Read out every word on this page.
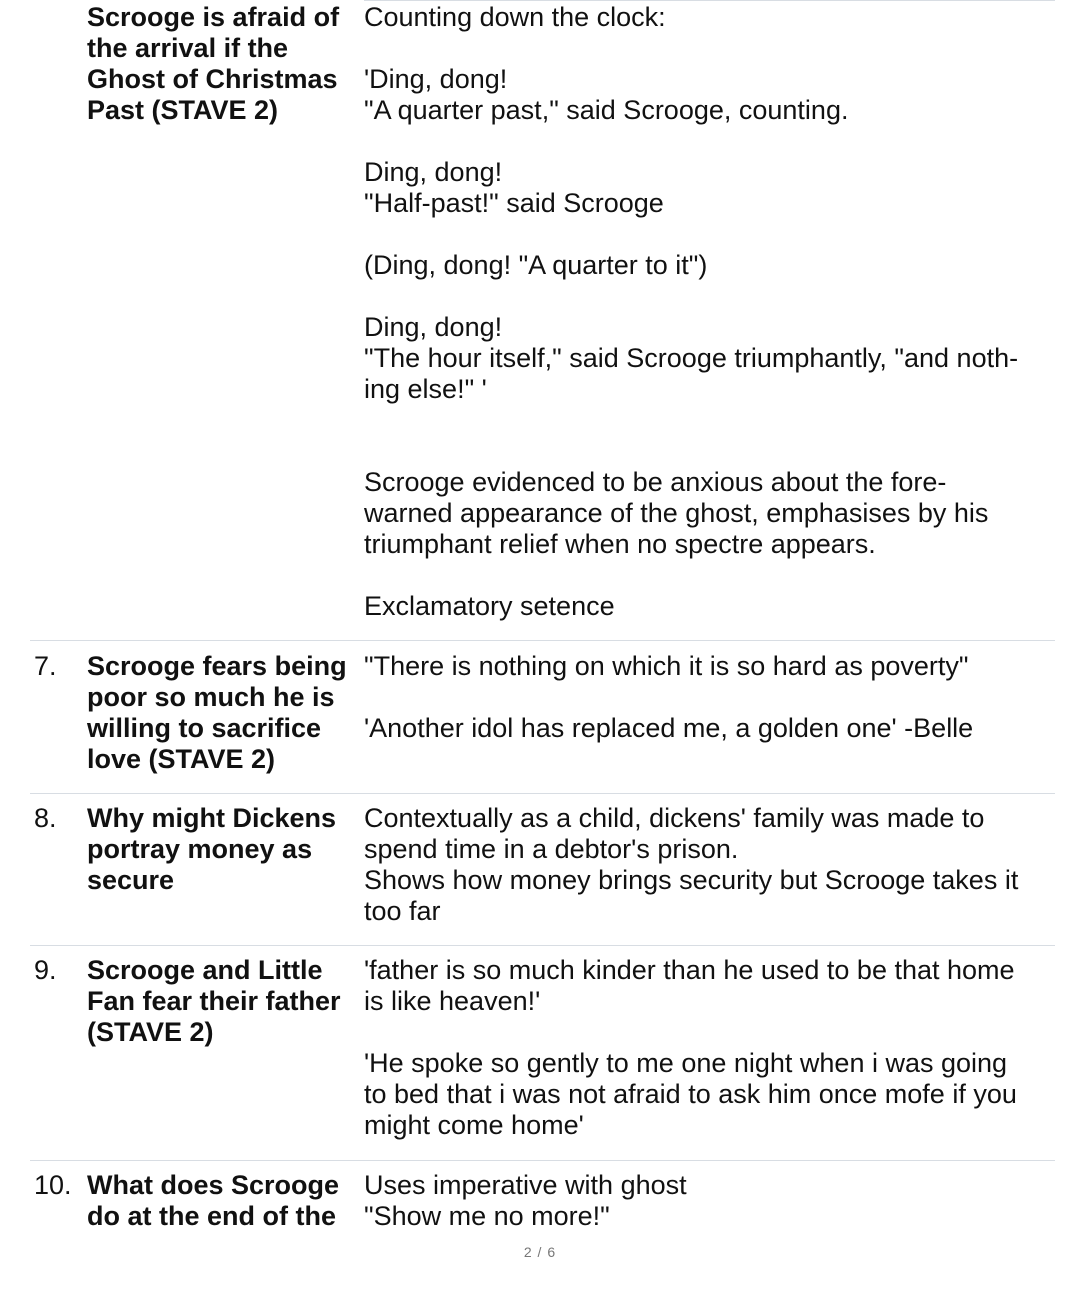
Scrooge is afraid of
the arrival if the
Ghost of Christmas
Past (STAVE 2)

Counting down the clock:

'Ding, dong!
"A quarter past," said Scrooge, counting.

Ding, dong!
"Half-past!" said Scrooge

(Ding, dong! "A quarter to it")

Ding, dong!
"The hour itself," said Scrooge triumphantly, "and noth-
ing else!" '

Scrooge evidenced to be anxious about the fore-
warned appearance of the ghost, emphasises by his
triumphant relief when no spectre appears.

Exclamatory setence

7. Scrooge fears being
poor so much he is
willing to sacrifice
love (STAVE 2)

"There is nothing on which it is so hard as poverty"

'Another idol has replaced me, a golden one' -Belle

8. Why might Dickens
portray money as
secure

Contextually as a child, dickens' family was made to
spend time in a debtor's prison.
Shows how money brings security but Scrooge takes it
too far

9. Scrooge and Little
Fan fear their father
(STAVE 2)

'father is so much kinder than he used to be that home
is like heaven!'

'He spoke so gently to me one night when i was going
to bed that i was not afraid to ask him once mofe if you
might come home'

10. What does Scrooge
do at the end of the

Uses imperative with ghost
"Show me no more!"

2 / 6
